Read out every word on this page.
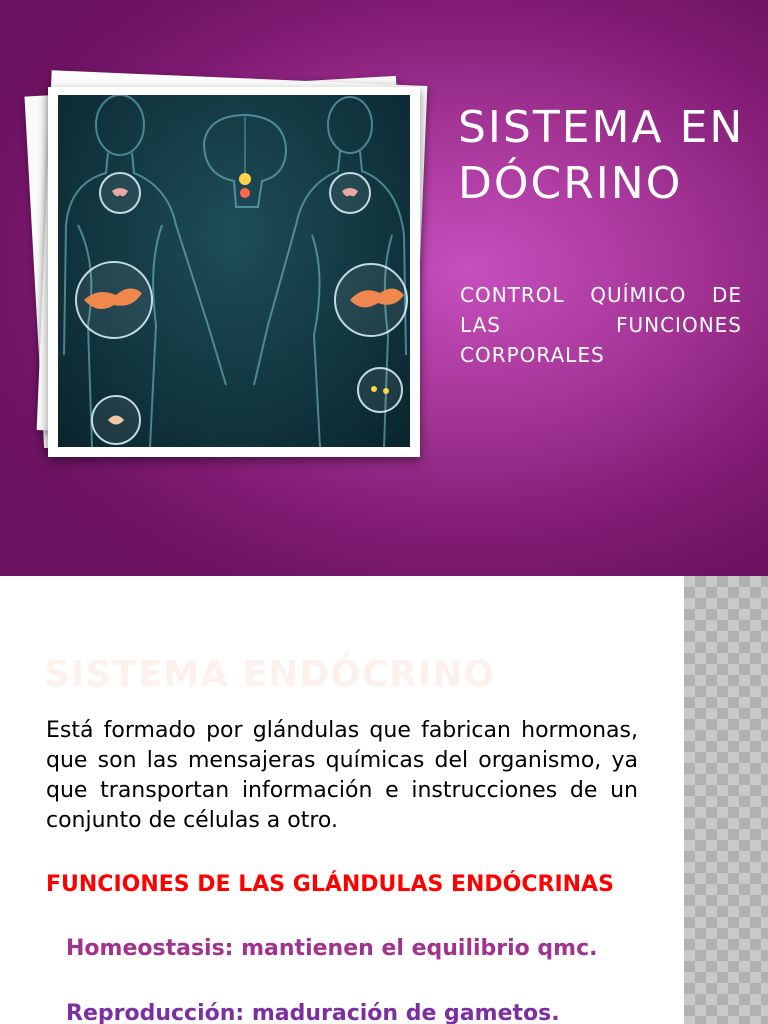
SISTEMA ENDÓCRINO

CONTROL QUÍMICO DE LAS FUNCIONES CORPORALES

SISTEMA ENDÓCRINO

Está formado por glándulas que fabrican hormonas, que son las mensajeras químicas del organismo, ya que transportan información e instrucciones de un conjunto de células a otro.

FUNCIONES DE LAS GLÁNDULAS ENDÓCRINAS

Homeostasis: mantienen el equilibrio qmc.
Reproducción: maduración de gametos.
